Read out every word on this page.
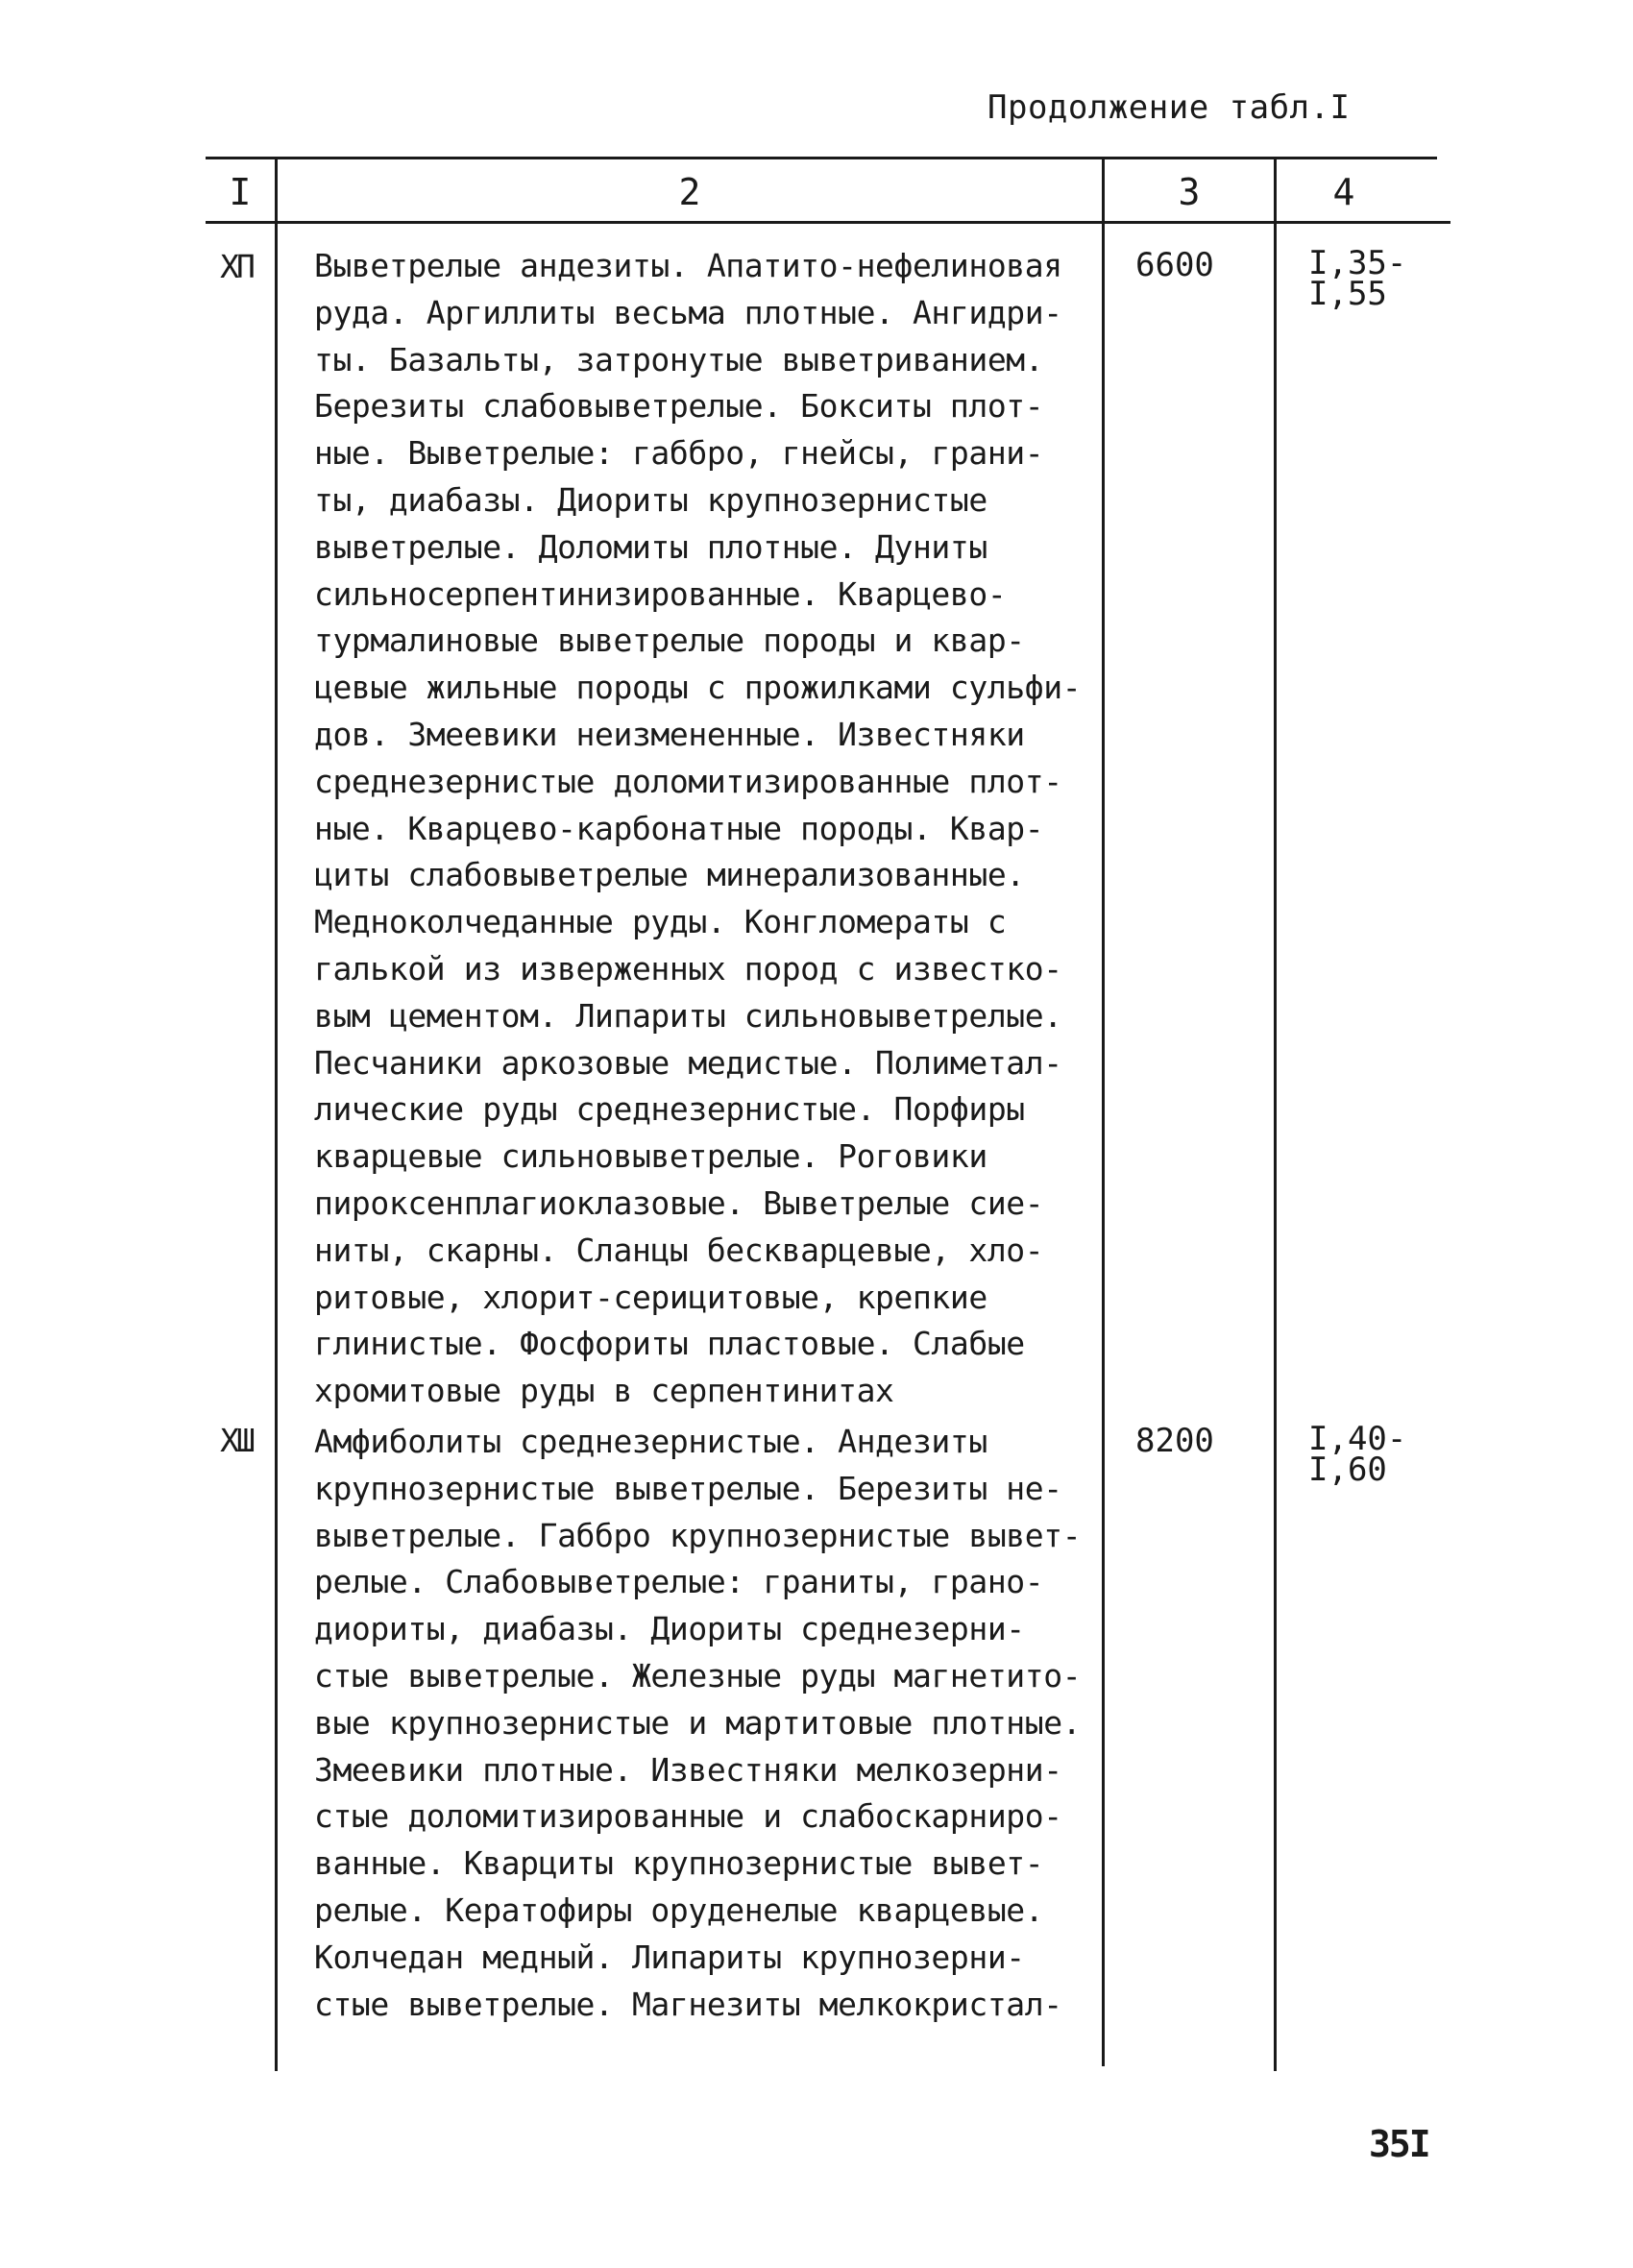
Продолжение табл.I
I	2	3	4
ХП	Выветрелые андезиты. Апатито-нефелиновая
руда. Аргиллиты весьма плотные. Ангидри-
ты. Базальты, затронутые выветриванием.
Березиты слабовыветрелые. Бокситы плот-
ные. Выветрелые: габбро, гнейсы, грани-
ты, диабазы. Диориты крупнозернистые
выветрелые. Доломиты плотные. Дуниты
сильносерпентинизированные. Кварцево-
турмалиновые выветрелые породы и квар-
цевые жильные породы с прожилками сульфи-
дов. Змеевики неизмененные. Известняки
среднезернистые доломитизированные плот-
ные. Кварцево-карбонатные породы. Квар-
циты слабовыветрелые минерализованные.
Медноколчеданные руды. Конгломераты с
галькой из изверженных пород с известко-
вым цементом. Липариты сильновыветрелые.
Песчаники аркозовые медистые. Полиметал-
лические руды среднезернистые. Порфиры
кварцевые сильновыветрелые. Роговики
пироксенплагиоклазовые. Выветрелые сие-
ниты, скарны. Сланцы бескварцевые, хло-
ритовые, хлорит-серицитовые, крепкие
глинистые. Фосфориты пластовые. Слабые
хромитовые руды в серпентинитах
6600	I,35-
I,55
ХШ	Амфиболиты среднезернистые. Андезиты
крупнозернистые выветрелые. Березиты не-
выветрелые. Габбро крупнозернистые вывет-
релые. Слабовыветрелые: граниты, грано-
диориты, диабазы. Диориты среднезерни-
стые выветрелые. Железные руды магнетито-
вые крупнозернистые и мартитовые плотные.
Змеевики плотные. Известняки мелкозерни-
стые доломитизированные и слабоскарниро-
ванные. Кварциты крупнозернистые вывет-
релые. Кератофиры оруденелые кварцевые.
Колчедан медный. Липариты крупнозерни-
стые выветрелые. Магнезиты мелкокристал-
8200	I,40-
I,60
35I
